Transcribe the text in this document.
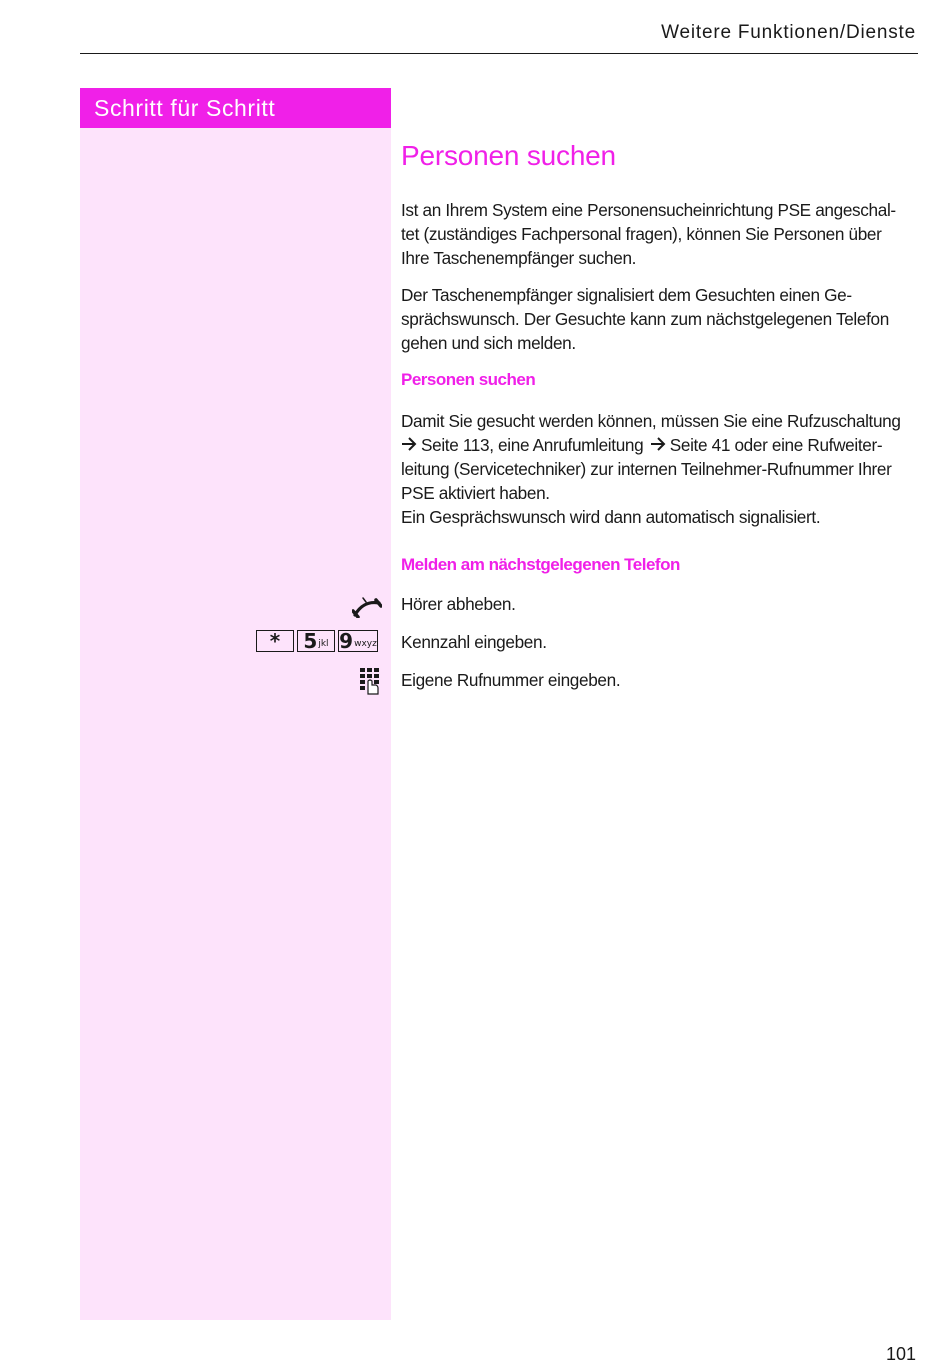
Weitere Funktionen/Dienste
Schritt für Schritt
Personen suchen
Ist an Ihrem System eine Personensucheinrichtung PSE angeschal-
tet (zuständiges Fachpersonal fragen), können Sie Personen über
Ihre Taschenempfänger suchen.
Der Taschenempfänger signalisiert dem Gesuchten einen Ge-
sprächswunsch. Der Gesuchte kann zum nächstgelegenen Telefon
gehen und sich melden.
Personen suchen
Damit Sie gesucht werden können, müssen Sie eine Rufzuschaltung
Seite 113, eine Anrufumleitung Seite 41 oder eine Rufweiter-
leitung (Servicetechniker) zur internen Teilnehmer-Rufnummer Ihrer
PSE aktiviert haben.
Ein Gesprächswunsch wird dann automatisch signalisiert.
Melden am nächstgelegenen Telefon
Hörer abheben.
* 5 jkl 9 wxyz Kennzahl eingeben.
Eigene Rufnummer eingeben.
101
